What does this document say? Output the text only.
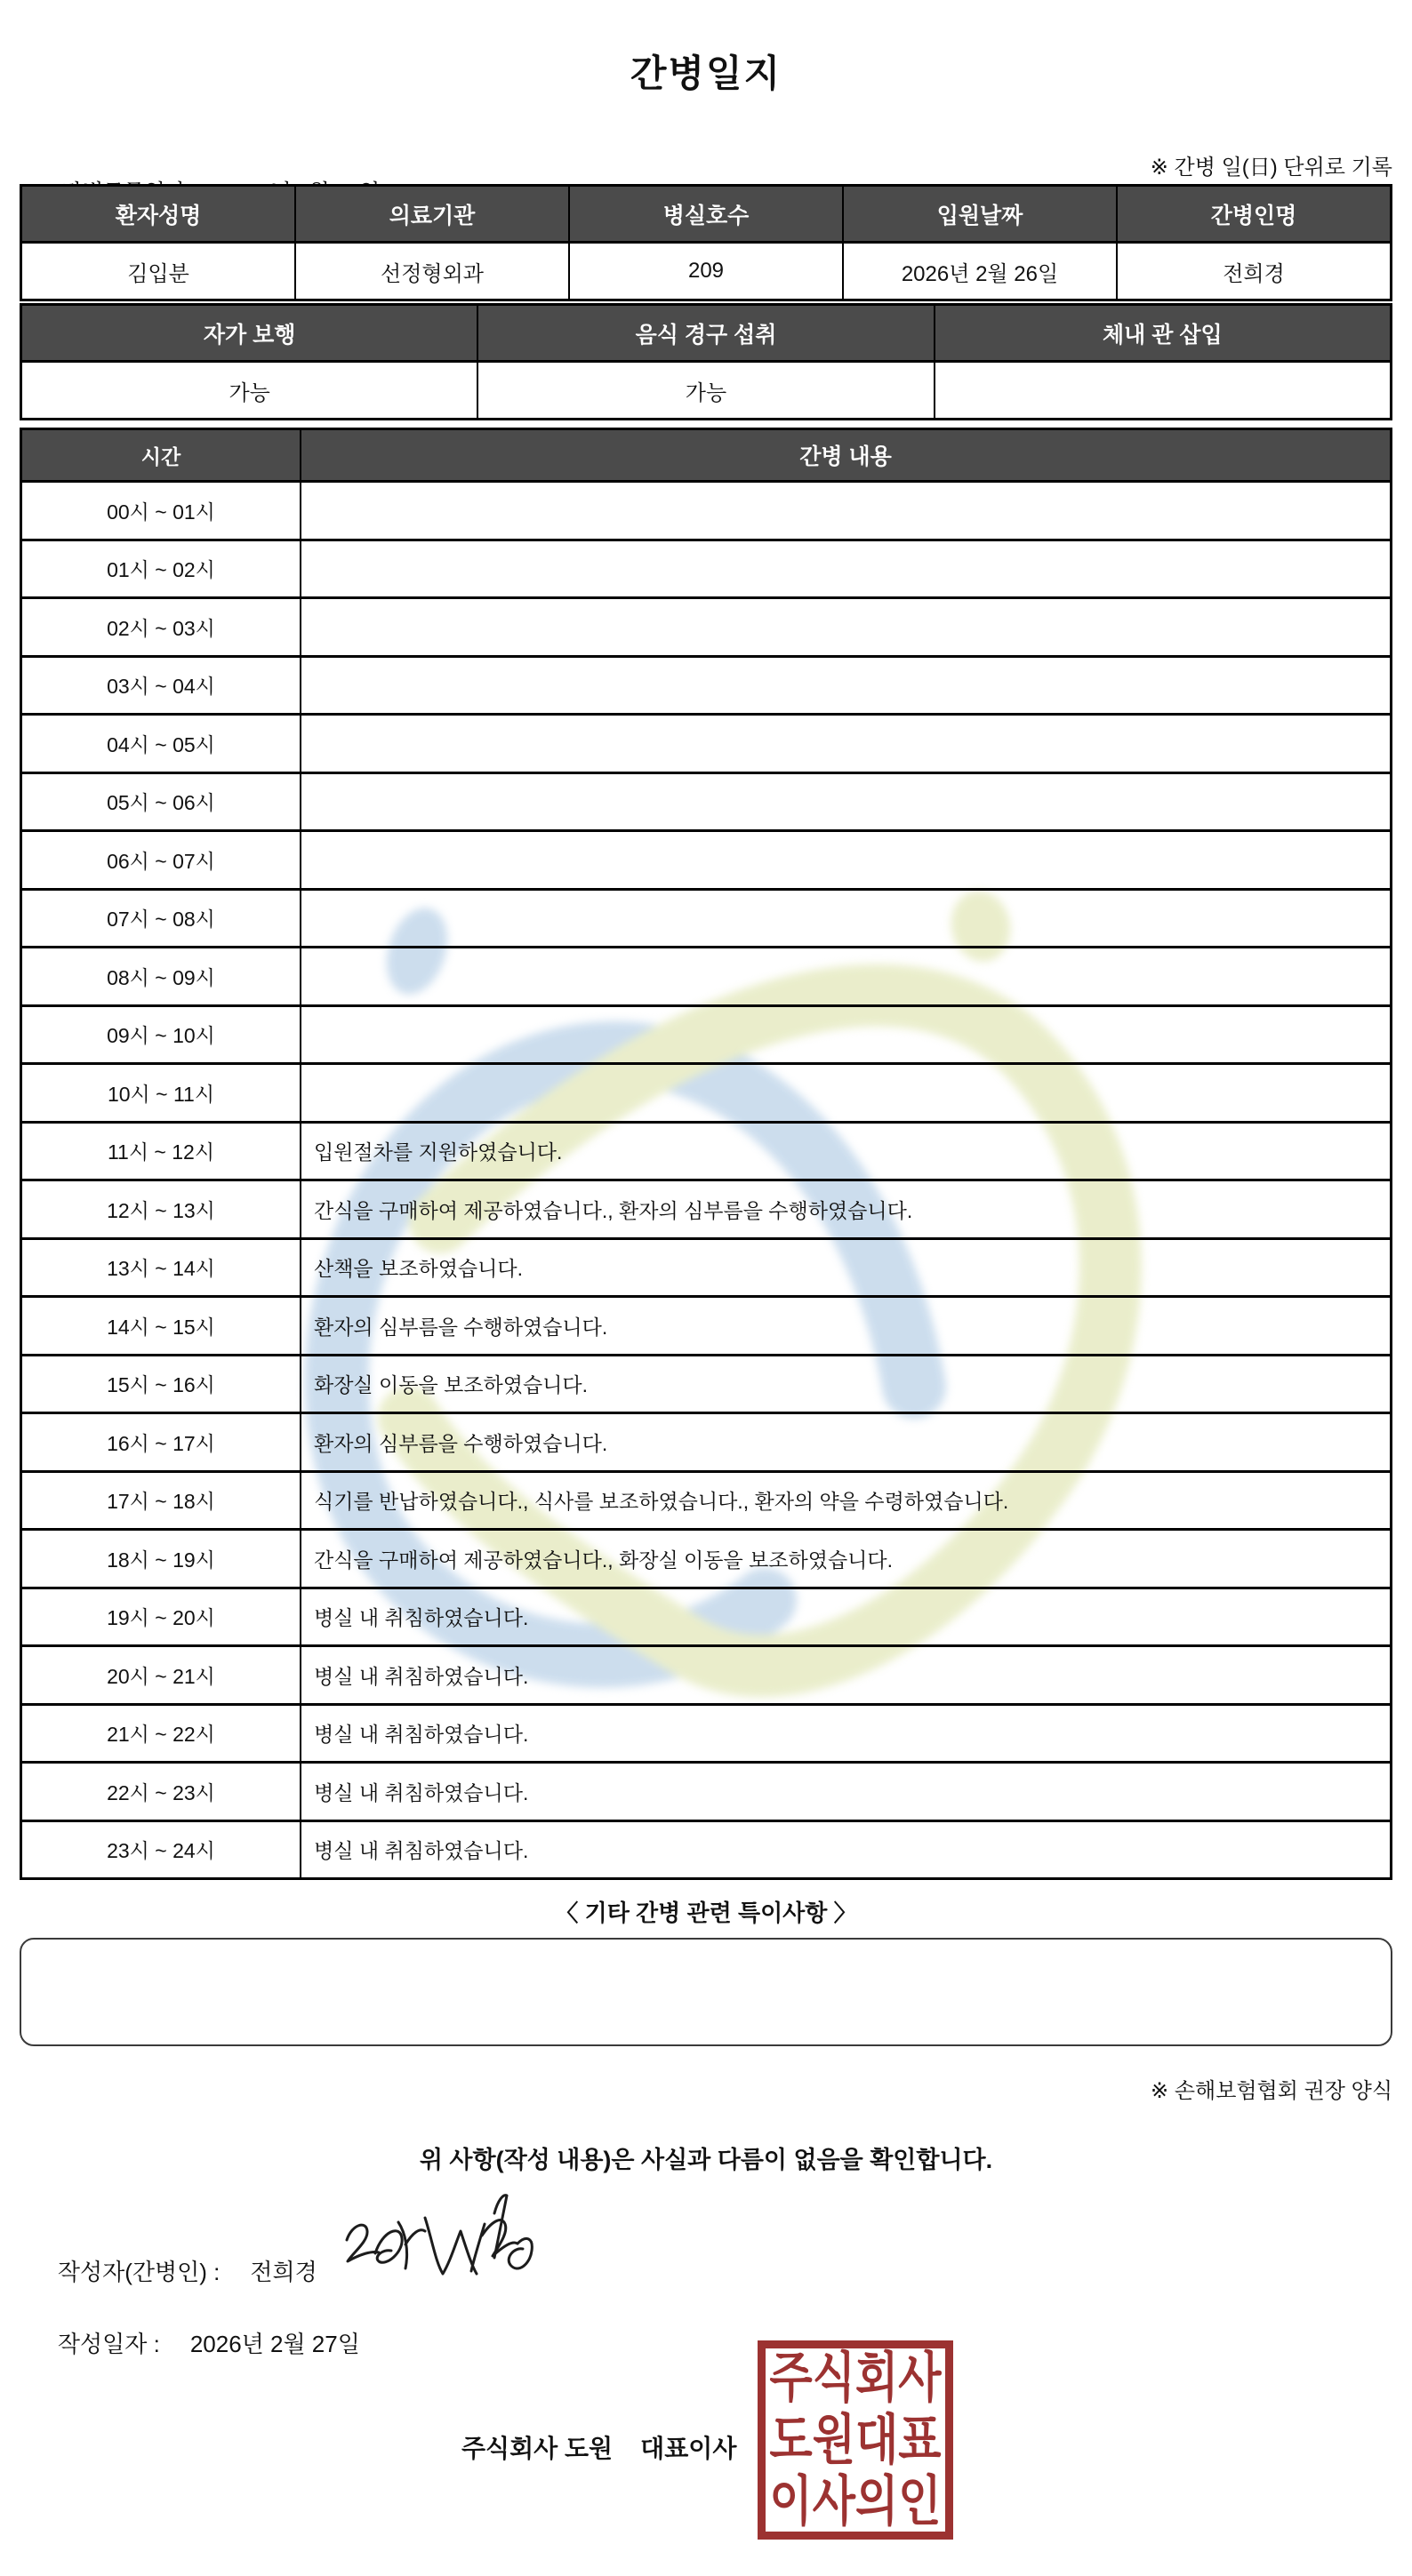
간병일지

※ 간병 일(日) 단위로 기록
환자성명	의료기관	병실호수	입원날짜	간병인명
김입분	선정형외과	209	2026년 2월 26일	전희경
자가 보행	음식 경구 섭취	체내 관 삽입
가능	가능
시간	간병 내용
00시 ~ 01시
01시 ~ 02시
02시 ~ 03시
03시 ~ 04시
04시 ~ 05시
05시 ~ 06시
06시 ~ 07시
07시 ~ 08시
08시 ~ 09시
09시 ~ 10시
10시 ~ 11시
11시 ~ 12시	입원절차를 지원하였습니다.
12시 ~ 13시	간식을 구매하여 제공하였습니다., 환자의 심부름을 수행하였습니다.
13시 ~ 14시	산책을 보조하였습니다.
14시 ~ 15시	환자의 심부름을 수행하였습니다.
15시 ~ 16시	화장실 이동을 보조하였습니다.
16시 ~ 17시	환자의 심부름을 수행하였습니다.
17시 ~ 18시	식기를 반납하였습니다., 식사를 보조하였습니다., 환자의 약을 수령하였습니다.
18시 ~ 19시	간식을 구매하여 제공하였습니다., 화장실 이동을 보조하였습니다.
19시 ~ 20시	병실 내 취침하였습니다.
20시 ~ 21시	병실 내 취침하였습니다.
21시 ~ 22시	병실 내 취침하였습니다.
22시 ~ 23시	병실 내 취침하였습니다.
23시 ~ 24시	병실 내 취침하였습니다.
〈 기타 간병 관련 특이사항 〉
※ 손해보험협회 권장 양식
위 사항(작성 내용)은 사실과 다름이 없음을 확인합니다.

작성자(간병인) : 전희경

작성일자 : 2026년 2월 27일

주식회사 도원    대표이사
주식회사
도원대표
이사의인
